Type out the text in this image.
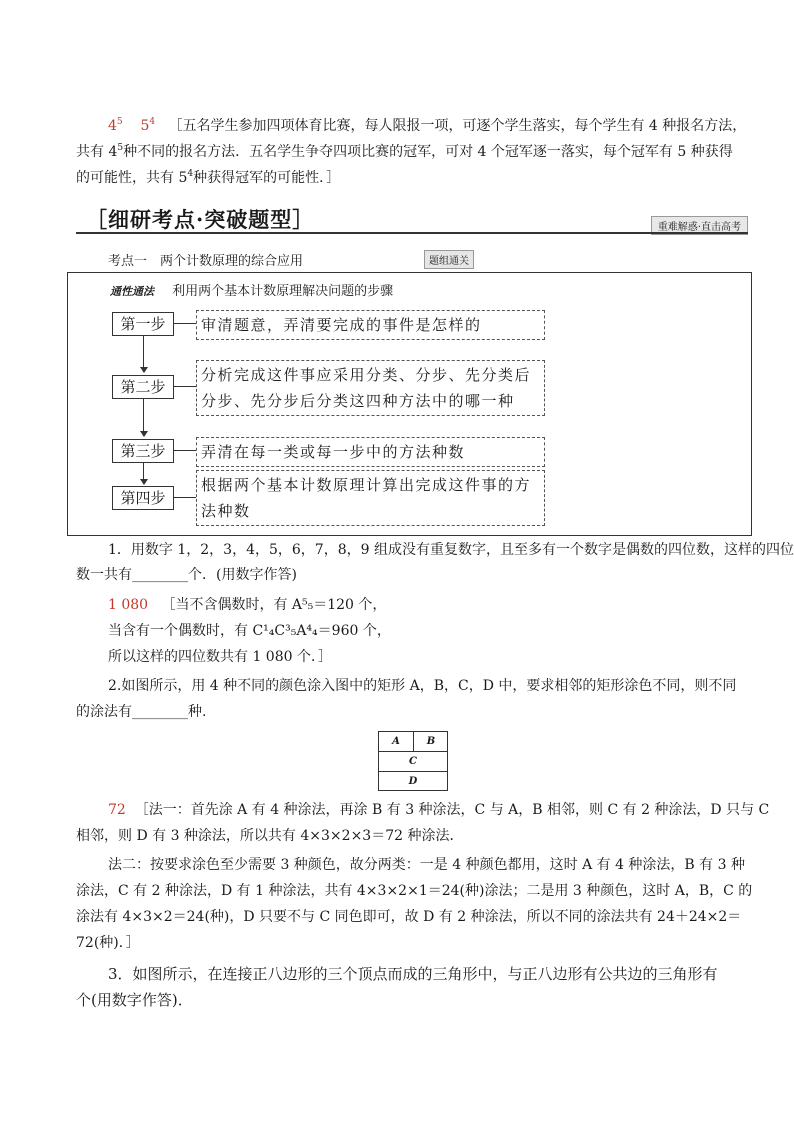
$4^5$ $5^4$ ［五名学生参加四项体育比赛，每人限报一项，可逐个学生落实，每个学生有 4 种报名方法，
共有 $4^5$种不同的报名方法．五名学生争夺四项比赛的冠军，可对 4 个冠军逐一落实，每个冠军有 5 种获得
的可能性，共有 $5^4$种获得冠军的可能性．］
［细研考点·突破题型］	重难解惑·直击高考
考点一　两个计数原理的综合应用	题组通关
通性通法 利用两个基本计数原理解决问题的步骤
第一步	审清题意，弄清要完成的事件是怎样的
第二步
分析完成这件事应采用分类、分步、先分类后分步、先分步后分类这四种方法中的哪一种
第三步	弄清在每一类或每一步中的方法种数
第四步
根据两个基本计数原理计算出完成这件事的方法种数
1．用数字 1，2，3，4，5，6，7，8，9 组成没有重复数字，且至多有一个数字是偶数的四位数，这样的四位
数一共有________个．(用数字作答)
1 080 ［当不含偶数时，有 A⁵₅＝120 个，
当含有一个偶数时，有 C¹₄C³₅A⁴₄＝960 个，
所以这样的四位数共有 1 080 个．］
2.如图所示，用 4 种不同的颜色涂入图中的矩形 A，B，C，D 中，要求相邻的矩形涂色不同，则不同
的涂法有________种.
A	B
C
D
72 ［法一：首先涂 A 有 4 种涂法，再涂 B 有 3 种涂法，C 与 A，B 相邻，则 C 有 2 种涂法，D 只与 C
相邻，则 D 有 3 种涂法，所以共有 4×3×2×3＝72 种涂法．
法二：按要求涂色至少需要 3 种颜色，故分两类：一是 4 种颜色都用，这时 A 有 4 种涂法，B 有 3 种
涂法，C 有 2 种涂法，D 有 1 种涂法，共有 4×3×2×1＝24(种)涂法；二是用 3 种颜色，这时 A，B，C 的
涂法有 4×3×2＝24(种)，D 只要不与 C 同色即可，故 D 有 2 种涂法，所以不同的涂法共有 24＋24×2＝
72(种)．］
3．如图所示，在连接正八边形的三个顶点而成的三角形中，与正八边形有公共边的三角形有
个(用数字作答)．
